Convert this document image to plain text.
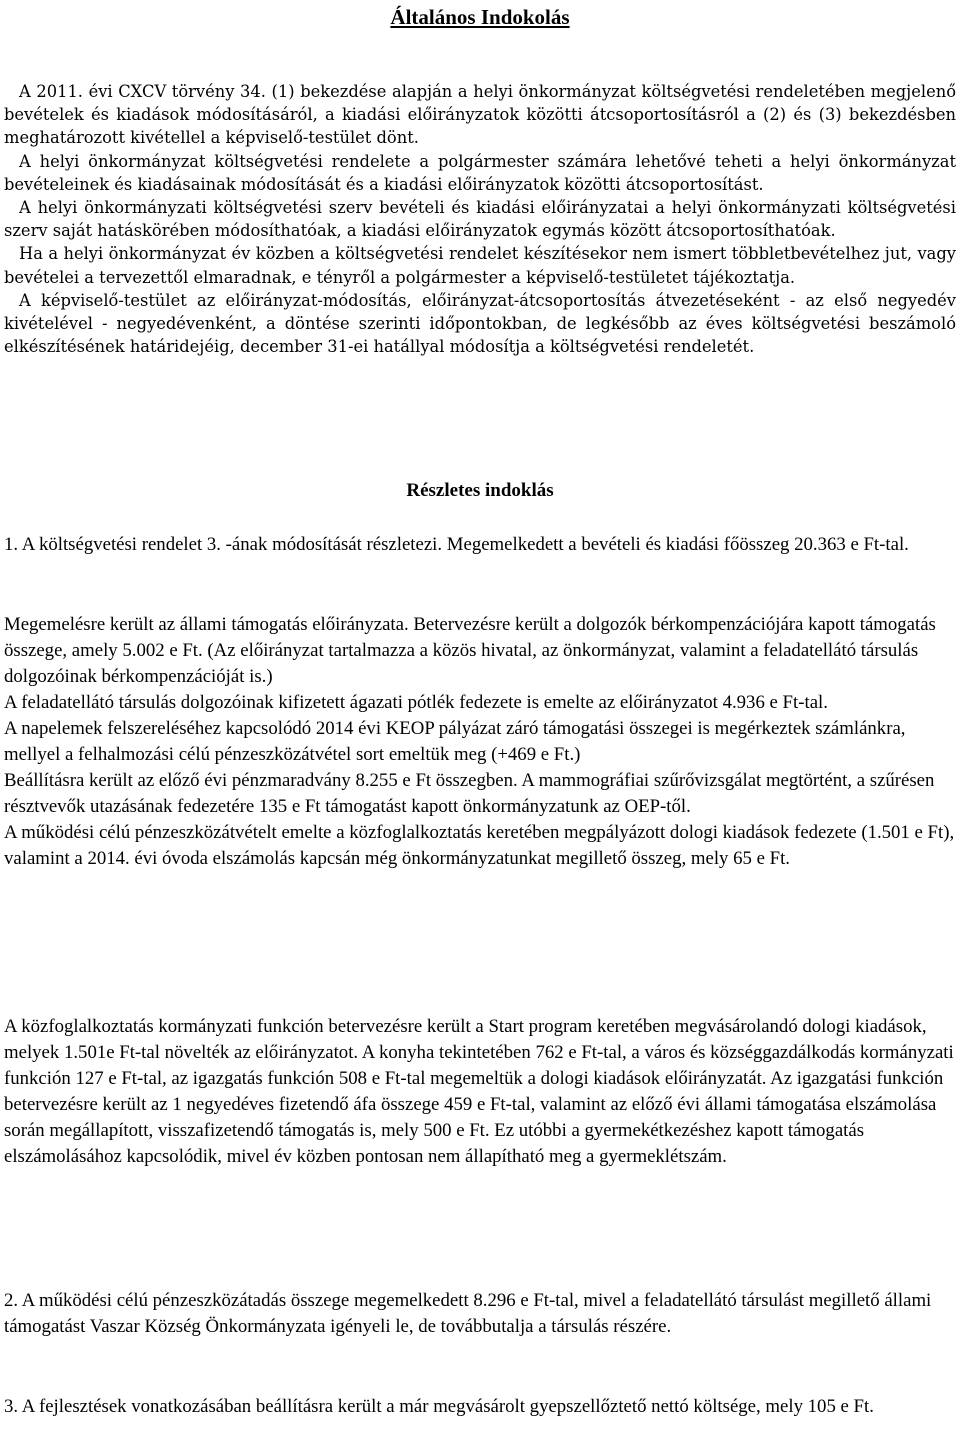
Általános Indokolás

A 2011. évi CXCV törvény 34. (1) bekezdése alapján a helyi önkormányzat költségvetési rendeletében megjelenő bevételek és kiadások módosításáról, a kiadási előirányzatok közötti átcsoportosításról a (2) és (3) bekezdésben meghatározott kivétellel a képviselő-testület dönt.

A helyi önkormányzat költségvetési rendelete a polgármester számára lehetővé teheti a helyi önkormányzat bevételeinek és kiadásainak módosítását és a kiadási előirányzatok közötti átcsoportosítást.

A helyi önkormányzati költségvetési szerv bevételi és kiadási előirányzatai a helyi önkormányzati költségvetési szerv saját hatáskörében módosíthatóak, a kiadási előirányzatok egymás között átcsoportosíthatóak.

Ha a helyi önkormányzat év közben a költségvetési rendelet készítésekor nem ismert többletbevételhez jut, vagy bevételei a tervezettől elmaradnak, e tényről a polgármester a képviselő-testületet tájékoztatja.

A képviselő-testület az előirányzat-módosítás, előirányzat-átcsoportosítás átvezetéseként - az első negyedév kivételével - negyedévenként, a döntése szerinti időpontokban, de legkésőbb az éves költségvetési beszámoló elkészítésének határidejéig, december 31-ei hatállyal módosítja a költségvetési rendeletét.

Részletes indoklás

1. A költségvetési rendelet 3. -ának módosítását részletezi. Megemelkedett a bevételi és kiadási főösszeg 20.363 e Ft-tal.

Megemelésre került az állami támogatás előirányzata. Betervezésre került a dolgozók bérkompenzációjára kapott támogatás összege, amely 5.002 e Ft. (Az előirányzat tartalmazza a közös hivatal, az önkormányzat, valamint a feladatellátó társulás dolgozóinak bérkompenzációját is.)

A feladatellátó társulás dolgozóinak kifizetett ágazati pótlék fedezete is emelte az előirányzatot 4.936 e Ft-tal.

A napelemek felszereléséhez kapcsolódó 2014 évi KEOP pályázat záró támogatási összegei is megérkeztek számlánkra, mellyel a felhalmozási célú pénzeszközátvétel sort emeltük meg (+469 e Ft.)

Beállításra került az előző évi pénzmaradvány 8.255 e Ft összegben. A mammográfiai szűrővizsgálat megtörtént, a szűrésen résztvevők utazásának fedezetére 135 e Ft támogatást kapott önkormányzatunk az OEP-től.

A működési célú pénzeszközátvételt emelte a közfoglalkoztatás keretében megpályázott dologi kiadások fedezete (1.501 e Ft), valamint a 2014. évi óvoda elszámolás kapcsán még önkormányzatunkat megillető összeg, mely 65 e Ft.

A közfoglalkoztatás kormányzati funkción betervezésre került a Start program keretében megvásárolandó dologi kiadások, melyek 1.501e Ft-tal növelték az előirányzatot. A konyha tekintetében 762 e Ft-tal, a város és községgazdálkodás kormányzati funkción 127 e Ft-tal, az igazgatás funkción 508 e Ft-tal megemeltük a dologi kiadások előirányzatát. Az igazgatási funkción betervezésre került az 1 negyedéves fizetendő áfa összege 459 e Ft-tal, valamint az előző évi állami támogatása elszámolása során megállapított, visszafizetendő támogatás is, mely 500 e Ft. Ez utóbbi a gyermekétkezéshez kapott támogatás elszámolásához kapcsolódik, mivel év közben pontosan nem állapítható meg a gyermeklétszám.

2. A működési célú pénzeszközátadás összege megemelkedett 8.296 e Ft-tal, mivel a feladatellátó társulást megillető állami támogatást Vaszar Község Önkormányzata igényeli le, de továbbutalja a társulás részére.

3. A fejlesztések vonatkozásában beállításra került a már megvásárolt gyepszellőztető nettó költsége, mely 105 e Ft.
